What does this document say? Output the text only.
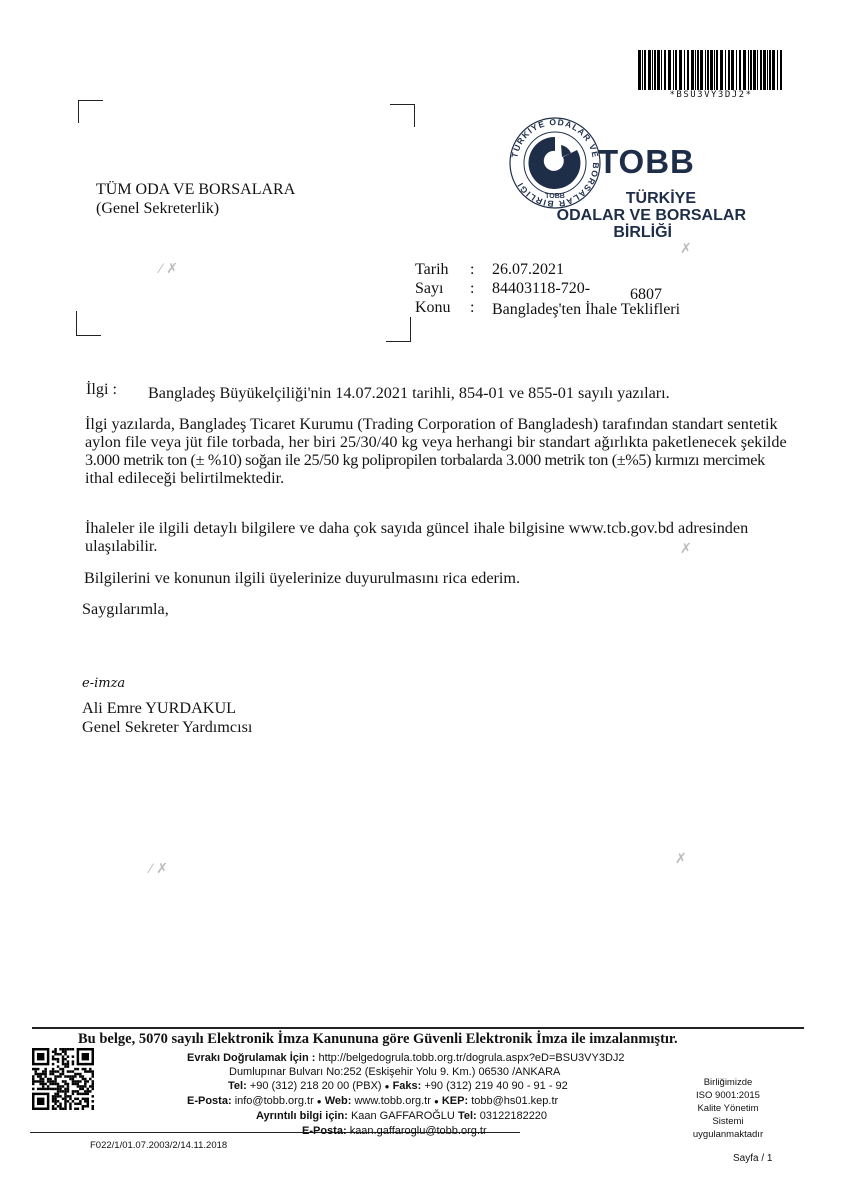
*BSU3VY3DJ2*
TÜRKİYE ODALAR VE BORSALAR BİRLİĞİ
TOBB
TOBB
TÜRKİYE
ODALAR VE BORSALAR
BİRLİĞİ
TÜM ODA VE BORSALARA
(Genel Sekreterlik)
Tarih : 26.07.2021
Sayı : 84403118-720- 6807
Konu : Bangladeş'ten İhale Teklifleri
İlgi : Bangladeş Büyükelçiliği'nin 14.07.2021 tarihli, 854-01 ve 855-01 sayılı yazıları.
İlgi yazılarda, Bangladeş Ticaret Kurumu (Trading Corporation of Bangladesh) tarafından standart sentetik
aylon file veya jüt file torbada, her biri 25/30/40 kg veya herhangi bir standart ağırlıkta paketlenecek şekilde
3.000 metrik ton (± %10) soğan ile 25/50 kg polipropilen torbalarda 3.000 metrik ton (±%5) kırmızı mercimek
ithal edileceği belirtilmektedir.
İhaleler ile ilgili detaylı bilgilere ve daha çok sayıda güncel ihale bilgisine www.tcb.gov.bd adresinden
ulaşılabilir.
Bilgilerini ve konunun ilgili üyelerinize duyurulmasını rica ederim.
Saygılarımla,
e-imza
Ali Emre YURDAKUL
Genel Sekreter Yardımcısı
⁄ ✗
✗
✗
⁄ ✗
✗
Bu belge, 5070 sayılı Elektronik İmza Kanununa göre Güvenli Elektronik İmza ile imzalanmıştır.
Evrakı Doğrulamak İçin : http://belgedogrula.tobb.org.tr/dogrula.aspx?eD=BSU3VY3DJ2
Dumlupınar Bulvarı No:252 (Eskişehir Yolu 9. Km.) 06530 /ANKARA
Tel: +90 (312) 218 20 00 (PBX) ● Faks: +90 (312) 219 40 90 - 91 - 92
E-Posta: info@tobb.org.tr ● Web: www.tobb.org.tr ● KEP: tobb@hs01.kep.tr
Ayrıntılı bilgi için: Kaan GAFFAROĞLU Tel: 03122182220
E-Posta: kaan.gaffaroglu@tobb.org.tr
Birliğimizde
ISO 9001:2015
Kalite Yönetim
Sistemi
uygulanmaktadır
F022/1/01.07.2003/2/14.11.2018
Sayfa / 1
